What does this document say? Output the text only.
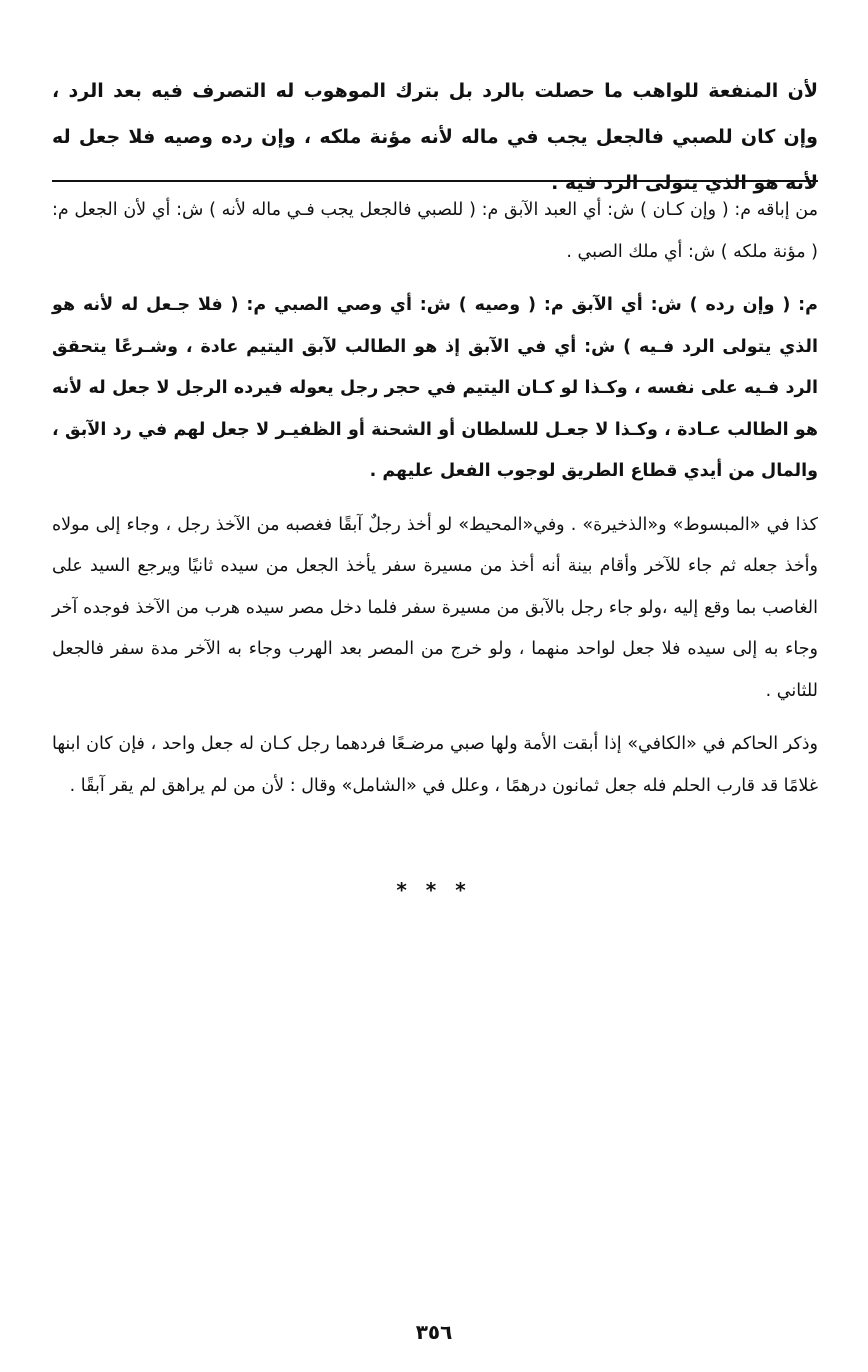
لأن المنفعة للواهب ما حصلت بالرد بل بترك الموهوب له التصرف فيه بعد الرد ، وإن كان للصبي فالجعل يجب في ماله لأنه مؤنة ملكه ، وإن رده وصيه فلا جعل له لأنه هو الذي يتولى الرد فيه .

من إباقه م: ( وإن كـان ) ش: أي العبد الآبق م: ( للصبي فالجعل يجب فـي ماله لأنه ) ش: أي لأن الجعل م: ( مؤنة ملكه ) ش: أي ملك الصبي .

م: ( وإن رده ) ش: أي الآبق م: ( وصيه ) ش: أي وصي الصبي م: ( فلا جـعل له لأنه هو الذي يتولى الرد فـيه ) ش: أي في الآبق إذ هو الطالب لآبق اليتيم عادة ، وشـرعًا يتحقق الرد فـيه على نفسه ، وكـذا لو كـان اليتيم في حجر رجل يعوله فيرده الرجل لا جعل له لأنه هو الطالب عـادة ، وكـذا لا جعـل للسلطان أو الشحنة أو الظفيـر لا جعل لهم في رد الآبق ، والمال من أيدي قطاع الطريق لوجوب الفعل عليهم .

كذا في «المبسوط» و«الذخيرة» . وفي«المحيط» لو أخذ رجلٌ آبقًا فغصبه من الآخذ رجل ، وجاء إلى مولاه وأخذ جعله ثم جاء للآخر وأقام بينة أنه أخذ من مسيرة سفر يأخذ الجعل من سيده ثانيًا ويرجع السيد على الغاصب بما وقع إليه ،ولو جاء رجل بالآبق من مسيرة سفر فلما دخل مصر سيده هرب من الآخذ فوجده آخر وجاء به إلى سيده فلا جعل لواحد منهما ، ولو خرج من المصر بعد الهرب وجاء به الآخر مدة سفر فالجعل للثاني .

وذكر الحاكم في «الكافي» إذا أبقت الأمة ولها صبي مرضـعًا فردهما رجل كـان له جعل واحد ، فإن كان ابنها غلامًا قد قارب الحلم فله جعل ثمانون درهمًا ، وعلل في «الشامل» وقال : لأن من لم يراهق لم يقر آبقًا .

* * *
٣٥٦
